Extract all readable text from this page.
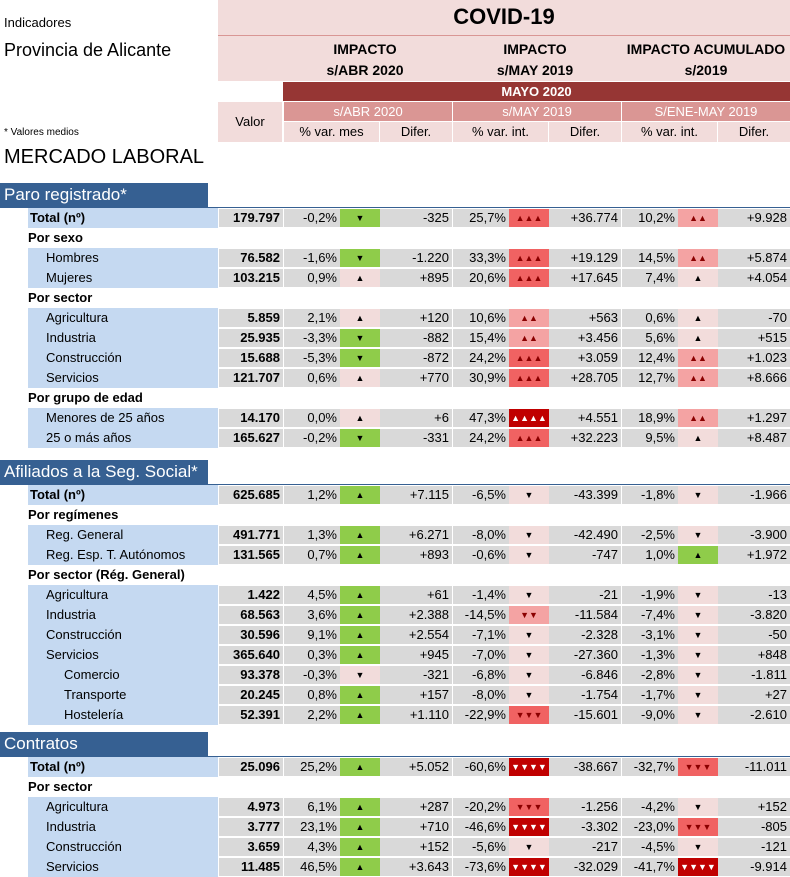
Indicadores
Provincia de Alicante
* Valores medios
MERCADO LABORAL
COVID-19
IMPACTO
s/ABR 2020
IMPACTO
s/MAY 2019
IMPACTO ACUMULADO
s/2019
MAYO 2020
Valor
s/ABR 2020	s/MAY 2019	S/ENE-MAY 2019
% var. mes	Difer.	% var. int.	Difer.	% var. int.	Difer.
Paro registrado*
Total (nº)	179.797	-0,2%	▼	-325	25,7%	▲▲▲	+36.774	10,2%	▲▲	+9.928
Por sexo
Hombres	76.582	-1,6%	▼	-1.220	33,3%	▲▲▲	+19.129	14,5%	▲▲	+5.874
Mujeres	103.215	0,9%	▲	+895	20,6%	▲▲▲	+17.645	7,4%	▲	+4.054
Por sector
Agricultura	5.859	2,1%	▲	+120	10,6%	▲▲	+563	0,6%	▲	-70
Industria	25.935	-3,3%	▼	-882	15,4%	▲▲	+3.456	5,6%	▲	+515
Construcción	15.688	-5,3%	▼	-872	24,2%	▲▲▲	+3.059	12,4%	▲▲	+1.023
Servicios	121.707	0,6%	▲	+770	30,9%	▲▲▲	+28.705	12,7%	▲▲	+8.666
Por grupo de edad
Menores de 25 años	14.170	0,0%	▲	+6	47,3% ▲▲▲▲	+4.551	18,9%	▲▲	+1.297
25 o más años	165.627	-0,2%	▼	-331	24,2%	▲▲▲	+32.223	9,5%	▲	+8.487
Afiliados a la Seg. Social*
Total (nº)	625.685	1,2%	▲	+7.115	-6,5%	▼	-43.399	-1,8%	▼	-1.966
Por regímenes
Reg. General	491.771	1,3%	▲	+6.271	-8,0%	▼	-42.490	-2,5%	▼	-3.900
Reg. Esp. T. Autónomos	131.565	0,7%	▲	+893	-0,6%	▼	-747	1,0%	▲	+1.972
Por sector (Rég. General)
Agricultura	1.422	4,5%	▲	+61	-1,4%	▼	-21	-1,9%	▼	-13
Industria	68.563	3,6%	▲	+2.388	-14,5%	▼▼	-11.584	-7,4%	▼	-3.820
Construcción	30.596	9,1%	▲	+2.554	-7,1%	▼	-2.328	-3,1%	▼	-50
Servicios	365.640	0,3%	▲	+945	-7,0%	▼	-27.360	-1,3%	▼	+848
Comercio	93.378	-0,3%	▼	-321	-6,8%	▼	-6.846	-2,8%	▼	-1.811
Transporte	20.245	0,8%	▲	+157	-8,0%	▼	-1.754	-1,7%	▼	+27
Hostelería	52.391	2,2%	▲	+1.110	-22,9%	▼▼▼	-15.601	-9,0%	▼	-2.610
Contratos
Total (nº)	25.096	25,2%	▲	+5.052	-60,6% ▼▼▼▼	-38.667	-32,7%	▼▼▼	-11.011
Por sector
Agricultura	4.973	6,1%	▲	+287	-20,2%	▼▼▼	-1.256	-4,2%	▼	+152
Industria	3.777	23,1%	▲	+710	-46,6% ▼▼▼▼	-3.302	-23,0%	▼▼▼	-805
Construcción	3.659	4,3%	▲	+152	-5,6%	▼	-217	-4,5%	▼	-121
Servicios	11.485	46,5%	▲	+3.643	-73,6% ▼▼▼▼	-32.029	-41,7% ▼▼▼▼	-9.914
